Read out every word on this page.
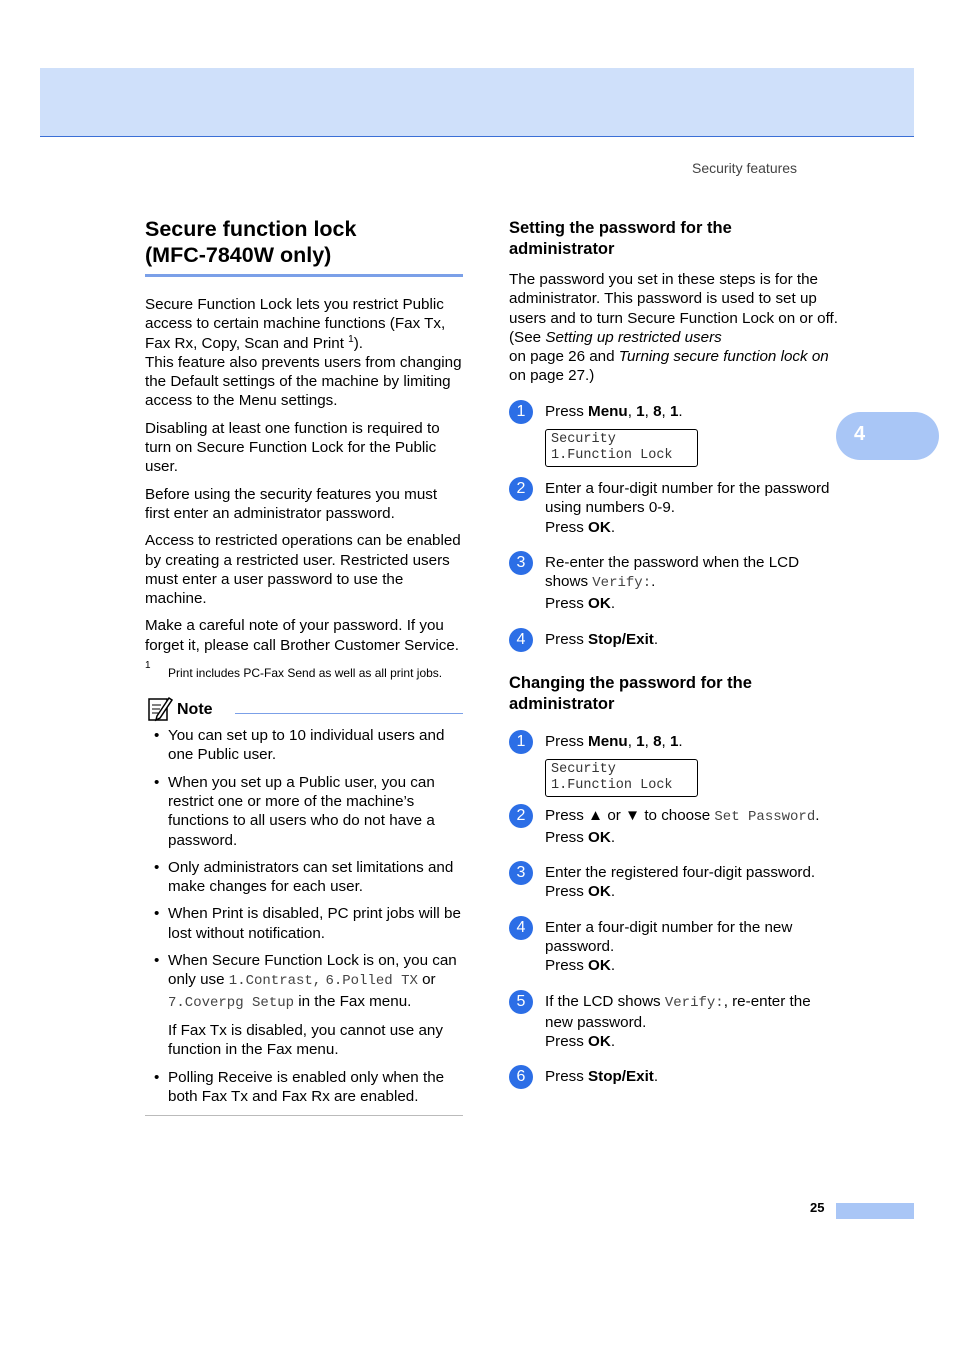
Security features
4
Secure function lock
(MFC-7840W only)

Secure Function Lock lets you restrict Public access to certain machine functions (Fax Tx, Fax Rx, Copy, Scan and Print $^1$).
This feature also prevents users from changing the Default settings of the machine by limiting access to the Menu settings.

Disabling at least one function is required to turn on Secure Function Lock for the Public user.

Before using the security features you must first enter an administrator password.

Access to restricted operations can be enabled by creating a restricted user. Restricted users must enter a user password to use the machine.

Make a careful note of your password. If you forget it, please call Brother Customer Service.

1
Print includes PC-Fax Send as well as all print jobs.
Note
• You can set up to 10 individual users and one Public user.
• When you set up a Public user, you can restrict one or more of the machine’s functions to all users who do not have a password.
• Only administrators can set limitations and make changes for each user.
• When Print is disabled, PC print jobs will be lost without notification.
• When Secure Function Lock is on, you can only use 1.Contrast, 6.Polled TX or 7.Coverpg Setup in the Fax menu.
If Fax Tx is disabled, you cannot use any function in the Fax menu.
• Polling Receive is enabled only when the both Fax Tx and Fax Rx are enabled.
Setting the password for the
administrator

The password you set in these steps is for the administrator. This password is used to set up users and to turn Secure Function Lock on or off. (See Setting up restricted users
on page 26 and Turning secure function lock on on page 27.)

1	Press Menu, 1, 8, 1.
Security
1.Function Lock
2	Enter a four-digit number for the password using numbers 0-9.
Press OK.
3	Re-enter the password when the LCD shows Verify:.
Press OK.
4	Press Stop/Exit.
Changing the password for the
administrator
1	Press Menu, 1, 8, 1.
Security
1.Function Lock
2	Press ▲ or ▼ to choose Set Password.
Press OK.
3	Enter the registered four-digit password.
Press OK.
4	Enter a four-digit number for the new password.
Press OK.
5	If the LCD shows Verify:, re-enter the new password.
Press OK.
6	Press Stop/Exit.
25
